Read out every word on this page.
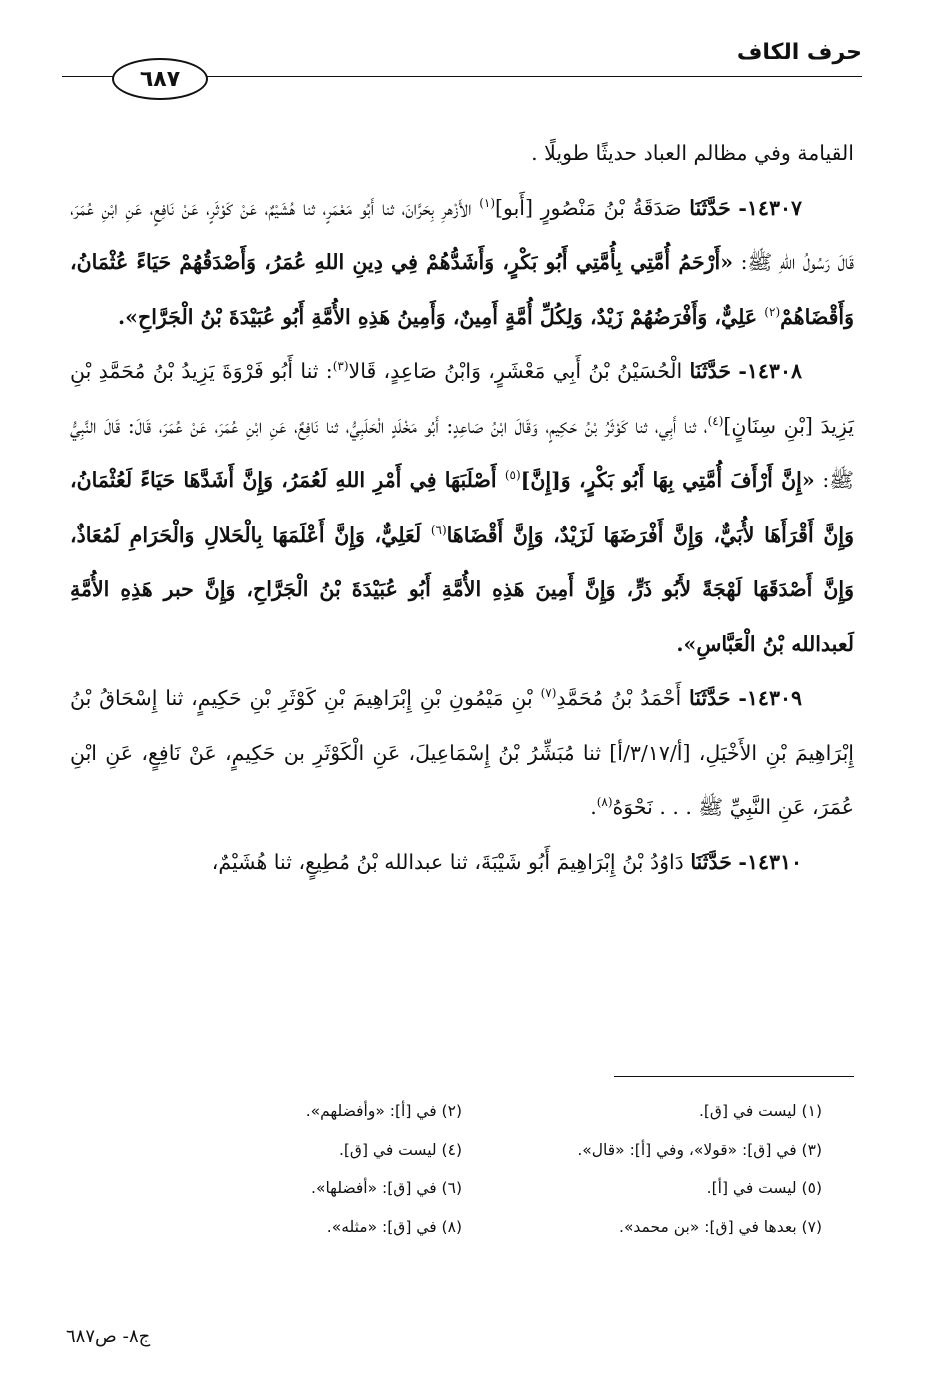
حرف الكاف
٦٨٧

القيامة وفي مظالم العباد حديثًا طويلًا .

١٤٣٠٧- حَدَّثَنَا صَدَقَةُ بْنُ مَنْصُورٍ [أَبو]$^{(١)}$ الأَزْهرِ بِحَرَّانَ، ثنا أَبُو مَعْمَرٍ، ثنا هُشَيْمٌ، عَنْ كَوْثَرٍ، عَنْ نَافِعٍ، عَنِ ابْنِ عُمَرَ، قَالَ رَسُولُ اللهِ ﷺ: «أَرْحَمُ أُمَّتِي بِأُمَّتِي أَبُو بَكْرٍ، وَأَشَدُّهُمْ فِي دِينِ اللهِ عُمَرُ، وَأَصْدَقُهُمْ حَيَاءً عُثْمَانُ، وَأَقْضَاهُمْ$^{(٢)}$ عَلِيٌّ، وَأَفْرَضُهُمْ زَيْدٌ، وَلِكُلِّ أُمَّةٍ أَمِينٌ، وَأَمِينُ هَذِهِ الأُمَّةِ أَبُو عُبَيْدَةَ بْنُ الْجَرَّاحِ».

١٤٣٠٨- حَدَّثَنَا الْحُسَيْنُ بْنُ أَبِي مَعْشَرٍ، وَابْنُ صَاعِدٍ، قَالا$^{(٣)}$: ثنا أَبُو فَرْوَةَ يَزِيدُ بْنُ مُحَمَّدِ بْنِ يَزِيدَ [بْنِ سِنَانٍ]$^{(٤)}$، ثنا أَبِي، ثنا كَوْثَرُ بْنُ حَكِيمٍ، وَقَالَ ابْنُ صَاعِدٍ: أَبُو مَخْلَدٍ الْحَلَبِيُّ، ثنا نَافِعٌ، عَنِ ابْنِ عُمَرَ، عَنْ عُمَرَ، قَالَ: قَالَ النَّبِيُّ ﷺ: «إِنَّ أَرْأَفَ أُمَّتِي بِهَا أَبُو بَكْرٍ، وَ[إِنَّ]$^{(٥)}$ أَصْلَبَهَا فِي أَمْرِ اللهِ لَعُمَرُ، وَإِنَّ أَشَدَّهَا حَيَاءً لَعُثْمَانُ، وَإِنَّ أَقْرَأَهَا لأُبَيٌّ، وَإِنَّ أَفْرَضَهَا لَزَيْدٌ، وَإِنَّ أَقْضَاهَا$^{(٦)}$ لَعَلِيٌّ، وَإِنَّ أَعْلَمَهَا بِالْحَلالِ وَالْحَرَامِ لَمُعَاذٌ، وَإِنَّ أَصْدَقَهَا لَهْجَةً لأَبُو ذَرٍّ، وَإِنَّ أَمِينَ هَذِهِ الأُمَّةِ أَبُو عُبَيْدَةَ بْنُ الْجَرَّاحِ، وَإِنَّ حبر هَذِهِ الأُمَّةِ لَعبدالله بْنُ الْعَبَّاسِ».

١٤٣٠٩- حَدَّثَنَا أَحْمَدُ بْنُ مُحَمَّدِ$^{(٧)}$ بْنِ مَيْمُونِ بْنِ إِبْرَاهِيمَ بْنِ كَوْثَرِ بْنِ حَكِيمٍ، ثنا إِسْحَاقُ بْنُ إِبْرَاهِيمَ بْنِ الأَخْيَلِ، [أ/٣/١٧/أ] ثنا مُبَشِّرُ بْنُ إِسْمَاعِيلَ، عَنِ الْكَوْثَرِ بن حَكِيمٍ، عَنْ نَافِعٍ، عَنِ ابْنِ عُمَرَ، عَنِ النَّبِيِّ ﷺ . . . نَحْوَهُ$^{(٨)}$.

١٤٣١٠- حَدَّثَنَا دَاوُدُ بْنُ إِبْرَاهِيمَ أَبُو شَيْبَةَ، ثنا عبدالله بْنُ مُطِيعٍ، ثنا هُشَيْمٌ،

(١) ليست في [ق].
(٢) في [أ]: «وأفضلهم».
(٣) في [ق]: «قولا»، وفي [أ]: «قال».
(٤) ليست في [ق].
(٥) ليست في [أ].
(٦) في [ق]: «أفضلها».
(٧) بعدها في [ق]: «بن محمد».
(٨) في [ق]: «مثله».
ج٨- ص٦٨٧
